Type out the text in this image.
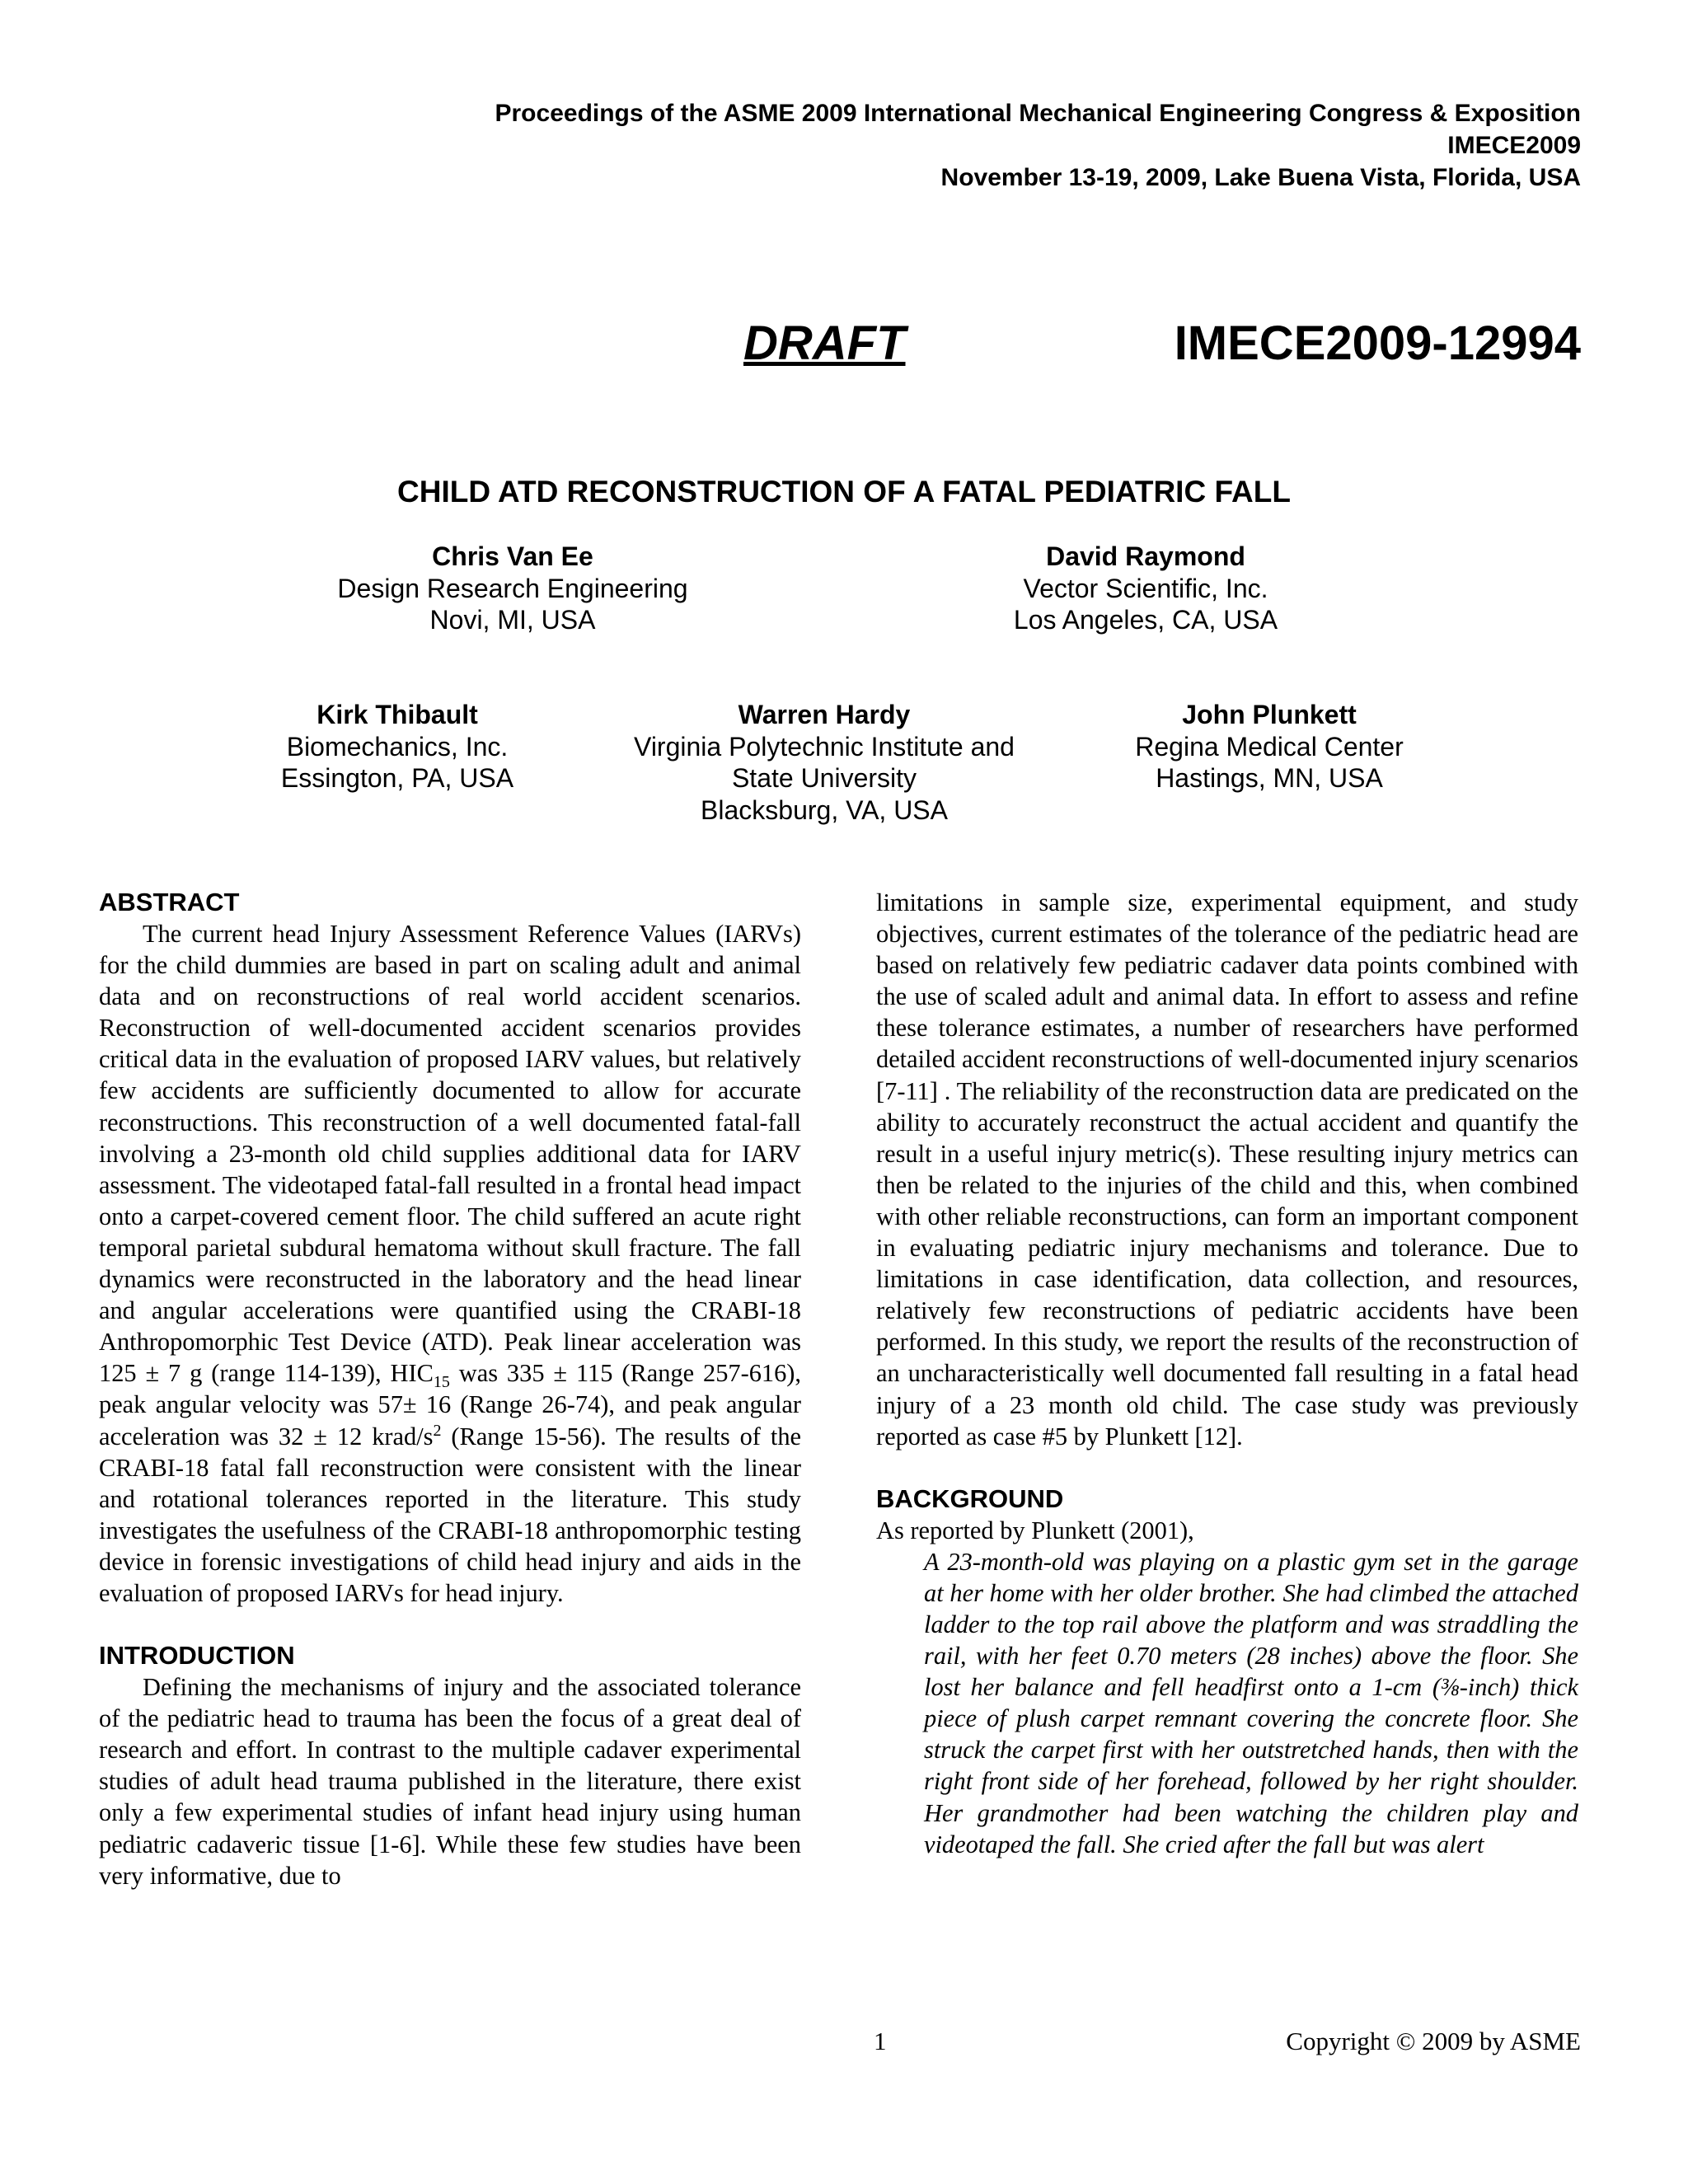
Proceedings of the ASME 2009 International Mechanical Engineering Congress & Exposition
IMECE2009
November 13-19, 2009, Lake Buena Vista, Florida, USA
DRAFT	IMECE2009-12994
CHILD ATD RECONSTRUCTION OF A FATAL PEDIATRIC FALL
Chris Van Ee
Design Research Engineering
Novi, MI, USA
David Raymond
Vector Scientific, Inc.
Los Angeles, CA, USA
Kirk Thibault
Biomechanics, Inc.
Essington, PA, USA
Warren Hardy
Virginia Polytechnic Institute and
State University
Blacksburg, VA, USA
John Plunkett
Regina Medical Center
Hastings, MN, USA
ABSTRACT

The current head Injury Assessment Reference Values (IARVs) for the child dummies are based in part on scaling adult and animal data and on reconstructions of real world accident scenarios. Reconstruction of well-documented accident scenarios provides critical data in the evaluation of proposed IARV values, but relatively few accidents are sufficiently documented to allow for accurate reconstructions. This reconstruction of a well documented fatal-fall involving a 23-month old child supplies additional data for IARV assessment. The videotaped fatal-fall resulted in a frontal head impact onto a carpet-covered cement floor. The child suffered an acute right temporal parietal subdural hematoma without skull fracture. The fall dynamics were reconstructed in the laboratory and the head linear and angular accelerations were quantified using the CRABI-18 Anthropomorphic Test Device (ATD). Peak linear acceleration was 125 ± 7 g (range 114-139), $HIC_{15}$ was 335 ± 115 (Range 257-616), peak angular velocity was 57± 16 (Range 26-74), and peak angular acceleration was 32 ± 12 krad/$s^2$ (Range 15-56). The results of the CRABI-18 fatal fall reconstruction were consistent with the linear and rotational tolerances reported in the literature. This study investigates the usefulness of the CRABI-18 anthropomorphic testing device in forensic investigations of child head injury and aids in the evaluation of proposed IARVs for head injury.

INTRODUCTION

Defining the mechanisms of injury and the associated tolerance of the pediatric head to trauma has been the focus of a great deal of research and effort. In contrast to the multiple cadaver experimental studies of adult head trauma published in the literature, there exist only a few experimental studies of infant head injury using human pediatric cadaveric tissue [1-6]. While these few studies have been very informative, due to

limitations in sample size, experimental equipment, and study objectives, current estimates of the tolerance of the pediatric head are based on relatively few pediatric cadaver data points combined with the use of scaled adult and animal data. In effort to assess and refine these tolerance estimates, a number of researchers have performed detailed accident reconstructions of well-documented injury scenarios [7-11] . The reliability of the reconstruction data are predicated on the ability to accurately reconstruct the actual accident and quantify the result in a useful injury metric(s). These resulting injury metrics can then be related to the injuries of the child and this, when combined with other reliable reconstructions, can form an important component in evaluating pediatric injury mechanisms and tolerance. Due to limitations in case identification, data collection, and resources, relatively few reconstructions of pediatric accidents have been performed. In this study, we report the results of the reconstruction of an uncharacteristically well documented fall resulting in a fatal head injury of a 23 month old child. The case study was previously reported as case #5 by Plunkett [12].

BACKGROUND

As reported by Plunkett (2001),

A 23-month-old was playing on a plastic gym set in the garage at her home with her older brother. She had climbed the attached ladder to the top rail above the platform and was straddling the rail, with her feet 0.70 meters (28 inches) above the floor. She lost her balance and fell headfirst onto a 1-cm (⅜-inch) thick piece of plush carpet remnant covering the concrete floor. She struck the carpet first with her outstretched hands, then with the right front side of her forehead, followed by her right shoulder. Her grandmother had been watching the children play and videotaped the fall. She cried after the fall but was alert

1	Copyright © 2009 by ASME
